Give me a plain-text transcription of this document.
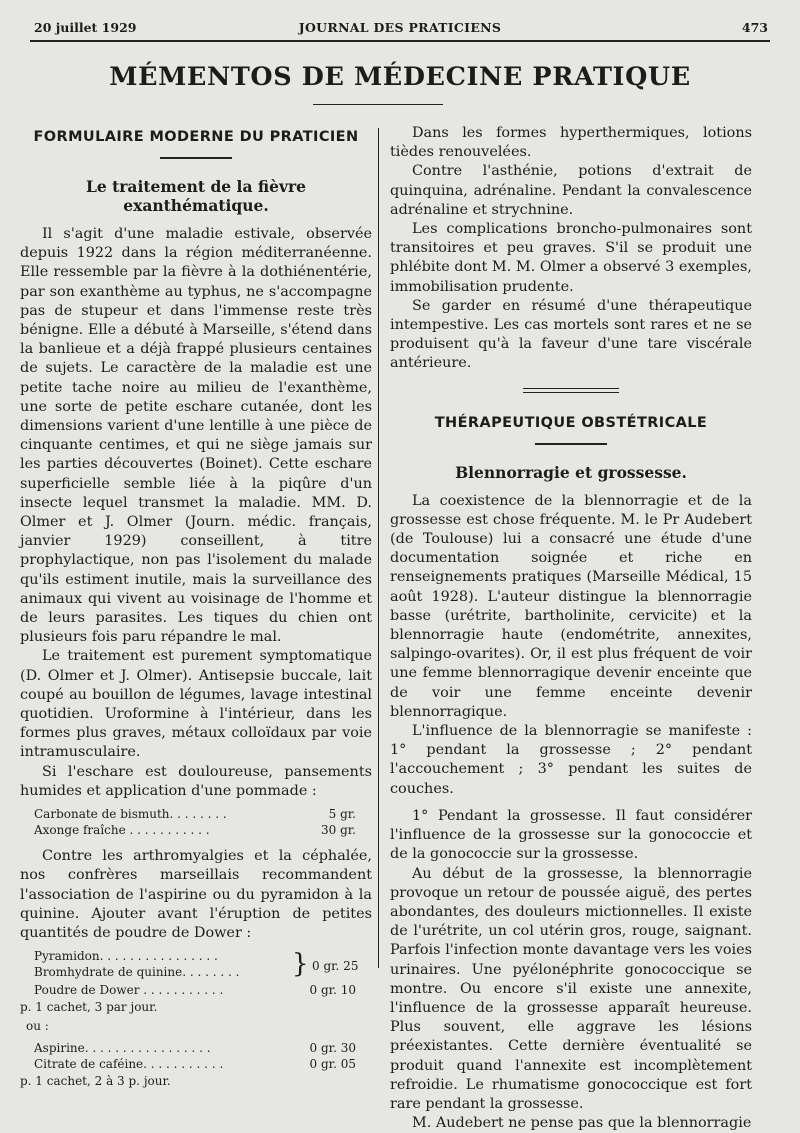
20 juillet 1929	JOURNAL DES PRATICIENS	473
MÉMENTOS DE MÉDECINE PRATIQUE
FORMULAIRE MODERNE DU PRATICIEN
Le traitement de la fièvre exanthématique.

Il s'agit d'une maladie estivale, observée depuis 1922 dans la région méditerranéenne. Elle ressemble par la fièvre à la dothiénentérie, par son exanthème au typhus, ne s'accompagne pas de stupeur et dans l'immense reste très bénigne. Elle a débuté à Marseille, s'étend dans la banlieue et a déjà frappé plusieurs centaines de sujets. Le caractère de la maladie est une petite tache noire au milieu de l'exanthème, une sorte de petite eschare cutanée, dont les dimensions varient d'une lentille à une pièce de cinquante centimes, et qui ne siège jamais sur les parties découvertes (Boinet). Cette eschare superficielle semble liée à la piqûre d'un insecte lequel transmet la maladie. MM. D. Olmer et J. Olmer (Journ. médic. français, janvier 1929) conseillent, à titre prophylactique, non pas l'isolement du malade qu'ils estiment inutile, mais la surveillance des animaux qui vivent au voisinage de l'homme et de leurs parasites. Les tiques du chien ont plusieurs fois paru répandre le mal.

Le traitement est purement symptomatique (D. Olmer et J. Olmer). Antisepsie buccale, lait coupé au bouillon de légumes, lavage intestinal quotidien. Uroformine à l'intérieur, dans les formes plus graves, métaux colloïdaux par voie intramusculaire.

Si l'eschare est douloureuse, pansements humides et application d'une pommade :

Carbonate de bismuth. . . . . . . .	5 gr.
Axonge fraîche . . . . . . . . . . .	30 gr.

Contre les arthromyalgies et la céphalée, nos confrères marseillais recommandent l'association de l'aspirine ou du pyramidon à la quinine. Ajouter avant l'éruption de petites quantités de poudre de Dower :

Pyramidon. . . . . . . . . . . . . . . .
Bromhydrate de quinine. . . . . . . . } 0 gr. 25
Poudre de Dower . . . . . . . . . . .	0 gr. 10
p. 1 cachet, 3 par jour.
ou :
Aspirine. . . . . . . . . . . . . . . . .	0 gr. 30
Citrate de caféine. . . . . . . . . . .	0 gr. 05
p. 1 cachet, 2 à 3 p. jour.

Dans les formes hyperthermiques, lotions tièdes renouvelées.

Contre l'asthénie, potions d'extrait de quinquina, adrénaline. Pendant la convalescence adrénaline et strychnine.

Les complications broncho-pulmonaires sont transitoires et peu graves. S'il se produit une phlébite dont M. M. Olmer a observé 3 exemples, immobilisation prudente.

Se garder en résumé d'une thérapeutique intempestive. Les cas mortels sont rares et ne se produisent qu'à la faveur d'une tare viscérale antérieure.

THÉRAPEUTIQUE OBSTÉTRICALE
Blennorragie et grossesse.

La coexistence de la blennorragie et de la grossesse est chose fréquente. M. le Pr Audebert (de Toulouse) lui a consacré une étude d'une documentation soignée et riche en renseignements pratiques (Marseille Médical, 15 août 1928). L'auteur distingue la blennorragie basse (urétrite, bartholinite, cervicite) et la blennorragie haute (endométrite, annexites, salpingo-ovarites). Or, il est plus fréquent de voir une femme blennorragique devenir enceinte que de voir une femme enceinte devenir blennorragique.

L'influence de la blennorragie se manifeste : 1° pendant la grossesse ; 2° pendant l'accouchement ; 3° pendant les suites de couches.

1° Pendant la grossesse. Il faut considérer l'influence de la grossesse sur la gonococcie et de la gonococcie sur la grossesse.

Au début de la grossesse, la blennorragie provoque un retour de poussée aiguë, des pertes abondantes, des douleurs mictionnelles. Il existe de l'urétrite, un col utérin gros, rouge, saignant. Parfois l'infection monte davantage vers les voies urinaires. Une pyélonéphrite gonococcique se montre. Ou encore s'il existe une annexite, l'influence de la grossesse apparaît heureuse. Plus souvent, elle aggrave les lésions préexistantes. Cette dernière éventualité se produit quand l'annexite est incomplètement refroidie. Le rhumatisme gonococcique est fort rare pendant la grossesse.

M. Audebert ne pense pas que la blennorragie
